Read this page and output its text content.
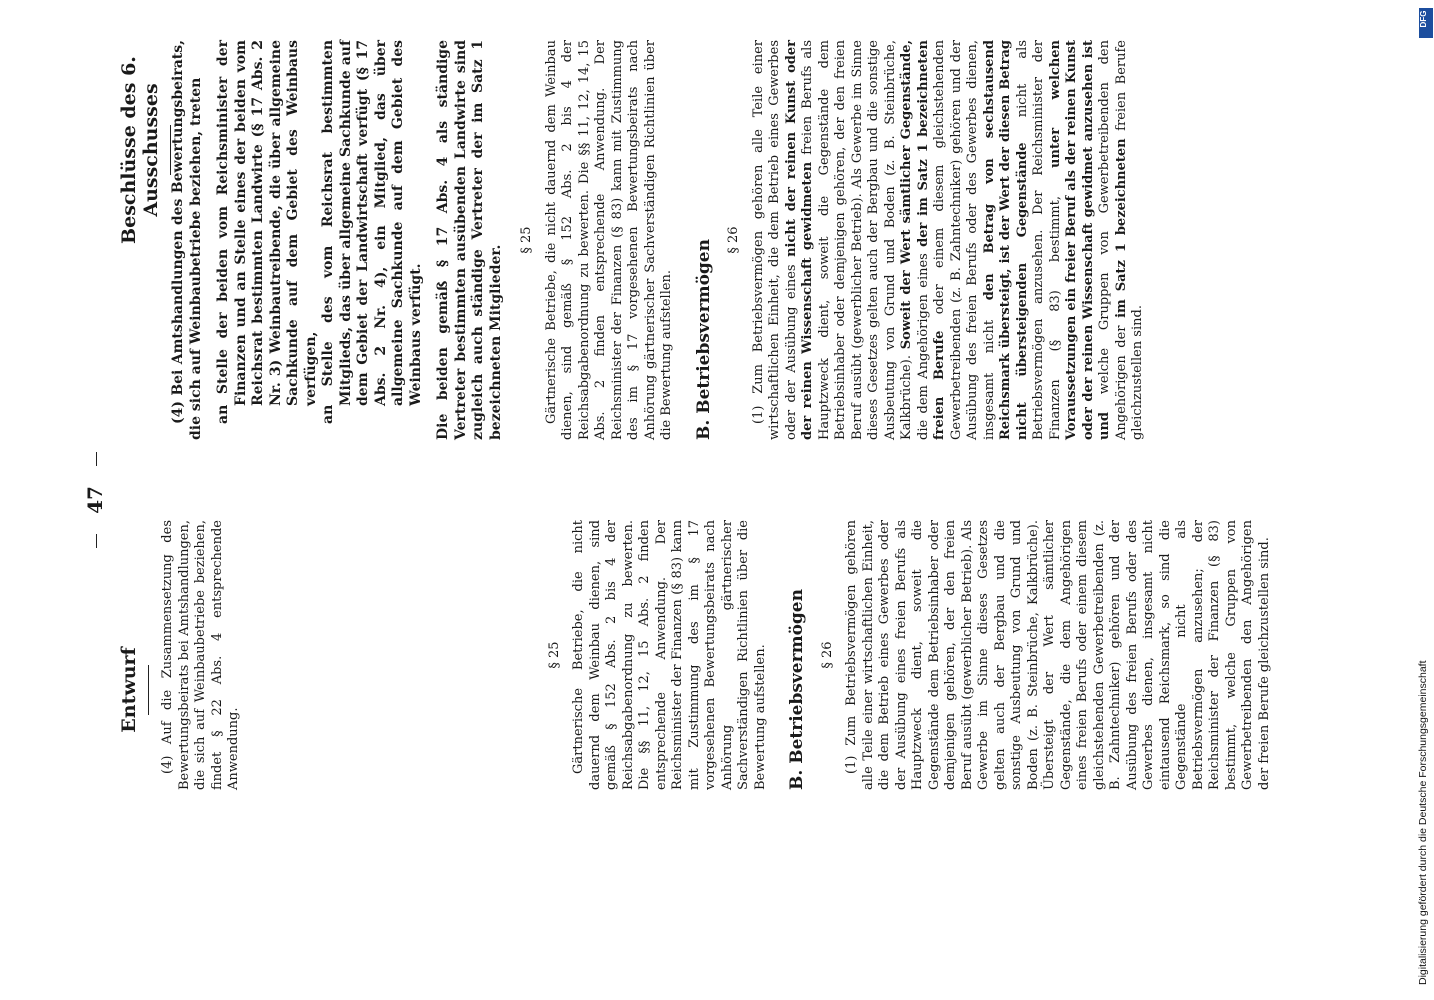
47
Entwurf
Beschlüsse des 6. Ausschusses

(4) Auf die Zusammensetzung des Bewertungsbeirats bei Amtshandlungen, die sich auf Weinbaubetriebe beziehen, findet § 22 Abs. 4 entsprechende Anwendung.

§ 25 Gärtnerische Betriebe, die nicht dauernd dem Weinbau dienen, sind gemäß § 152 Abs. 2 bis 4 der Reichsabgabenordnung zu bewerten. Die §§ 11, 12, 15 Abs. 2 finden entsprechende Anwendung. Der Reichsminister der Finanzen (§ 83) kann mit Zustimmung des im § 17 vorgesehenen Bewertungsbeirats nach Anhörung gärtnerischer Sachverständigen Richtlinien über die Bewertung aufstellen. B. Betriebsvermögen § 26 (1) Zum Betriebsvermögen gehören alle Teile einer wirtschaftlichen Einheit, die dem Betrieb eines Gewerbes oder der Ausübung eines freien Berufs als Hauptzweck dient, soweit die Gegenstände dem Betriebsinhaber oder demjenigen gehören, der den freien Beruf ausübt (gewerblicher Betrieb). Als Gewerbe im Sinne dieses Gesetzes gelten auch der Bergbau und die sonstige Ausbeutung von Grund und Boden (z. B. Steinbrüche, Kalkbrüche). Übersteigt der Wert sämtlicher Gegenstände, die dem Angehörigen eines freien Berufs oder einem diesem gleichstehenden Gewerbetreibenden (z. B. Zahntechniker) gehören und der Ausübung des freien Berufs oder des Gewerbes dienen, insgesamt nicht eintausend Reichsmark, so sind die Gegenstände nicht als Betriebsvermögen anzusehen; der Reichsminister der Finanzen (§ 83) bestimmt, welche Gruppen von Gewerbetreibenden den Angehörigen der freien Berufe gleichzustellen sind.

(4) Bei Amtshandlungen des Bewertungsbeirats, die sich auf Weinbaubetriebe beziehen, treten an Stelle der beiden vom Reichsminister der Finanzen und an Stelle eines der beiden vom Reichsrat bestimmten Landwirte (§ 17 Abs. 2 Nr. 3) Weinbautreibende, die über allgemeine Sachkunde auf dem Gebiet des Weinbaus verfügen, an Stelle des vom Reichsrat bestimmten Mitglieds, das über allgemeine Sachkunde auf dem Gebiet der Landwirtschaft verfügt (§ 17 Abs. 2 Nr. 4), ein Mitglied, das über allgemeine Sachkunde auf dem Gebiet des Weinbaus verfügt. Die beiden gemäß § 17 Abs. 4 als ständige Vertreter bestimmten ausübenden Landwirte sind zugleich auch ständige Vertreter der im Satz 1 bezeichneten Mitglieder.

§ 25 Gärtnerische Betriebe, die nicht dauernd dem Weinbau dienen, sind gemäß § 152 Abs. 2 bis 4 der Reichsabgabenordnung zu bewerten. Die §§ 11, 12, 14, 15 Abs. 2 finden entsprechende Anwendung. Der Reichsminister der Finanzen (§ 83) kann mit Zustimmung des im § 17 vorgesehenen Bewertungsbeirats nach Anhörung gärtnerischer Sachverständigen Richtlinien über die Bewertung aufstellen. B. Betriebsvermögen § 26 (1) Zum Betriebsvermögen gehören alle Teile einer wirtschaftlichen Einheit, die dem Betrieb eines Gewerbes oder der Ausübung eines nicht der reinen Kunst oder der reinen Wissenschaft gewidmeten freien Berufs als Hauptzweck dient, soweit die Gegenstände dem Betriebsinhaber oder demjenigen gehören, der den freien Beruf ausübt (gewerblicher Betrieb). Als Gewerbe im Sinne dieses Gesetzes gelten auch der Bergbau und die sonstige Ausbeutung von Grund und Boden (z. B. Steinbrüche, Kalkbrüche). Soweit der Wert sämtlicher Gegenstände, die dem Angehörigen eines der im Satz 1 bezeichneten freien Berufe oder einem diesem gleichstehenden Gewerbetreibenden (z. B. Zahntechniker) gehören und der Ausübung des freien Berufs oder des Gewerbes dienen, insgesamt nicht den Betrag von sechstausend Reichsmark übersteigt, ist der Wert der diesen Betrag nicht übersteigenden Gegenstände nicht als Betriebsvermögen anzusehen. Der Reichsminister der Finanzen (§ 83) bestimmt, unter welchen Voraussetzungen ein freier Beruf als der reinen Kunst oder der reinen Wissenschaft gewidmet anzusehen ist und welche Gruppen von Gewerbetreibenden den Angehörigen der im Satz 1 bezeichneten freien Berufe gleichzustellen sind.

DFG
Digitalisierung gefördert durch die Deutsche Forschungsgemeinschaft
